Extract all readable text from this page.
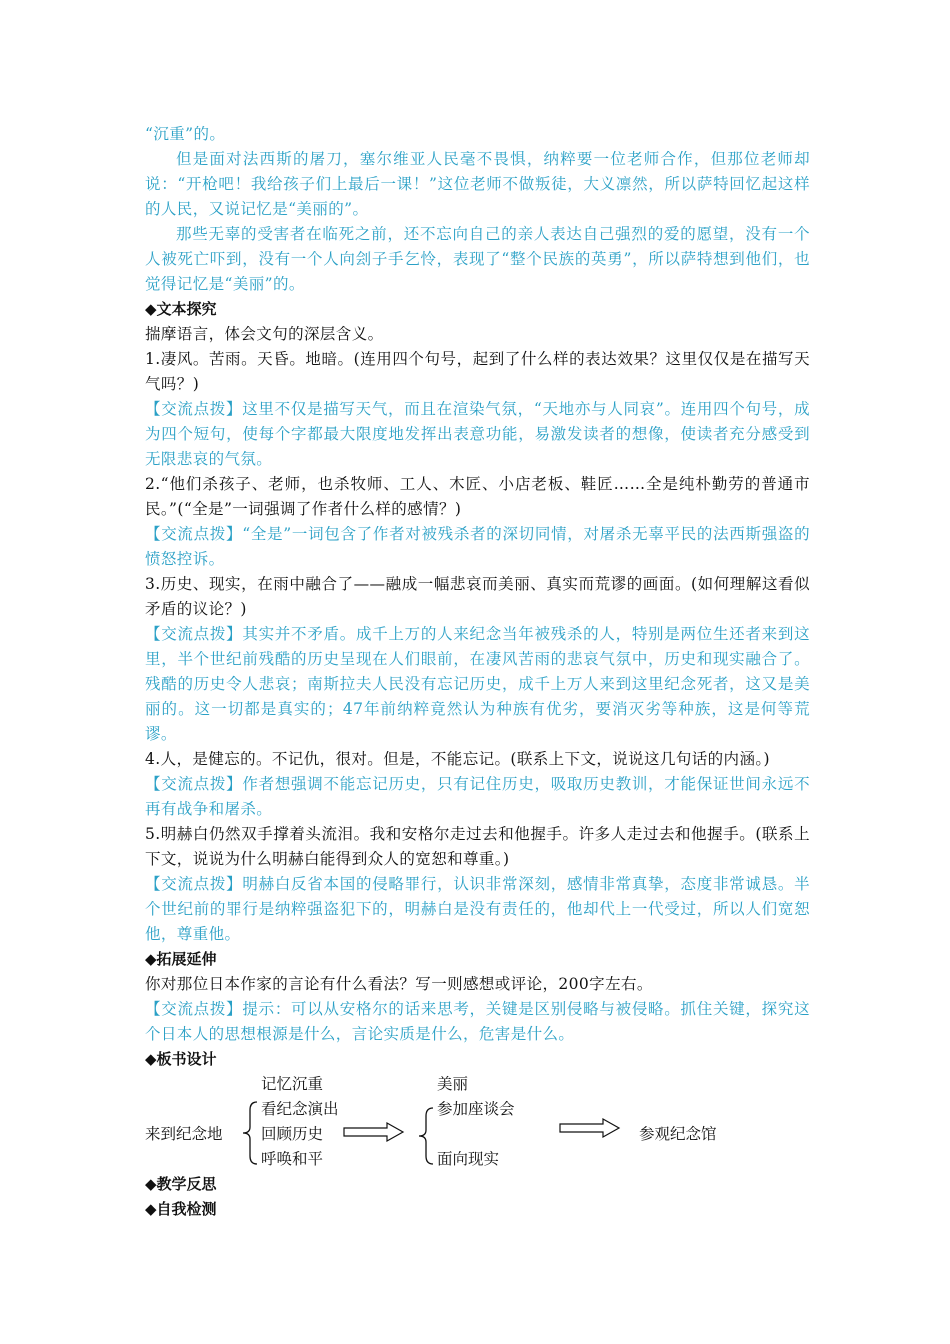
“沉重”的。
但是面对法西斯的屠刀，塞尔维亚人民毫不畏惧，纳粹要一位老师合作，但那位老师却说：“开枪吧！我给孩子们上最后一课！”这位老师不做叛徒，大义凛然，所以萨特回忆起这样的人民，又说记忆是“美丽的”。
那些无辜的受害者在临死之前，还不忘向自己的亲人表达自己强烈的爱的愿望，没有一个人被死亡吓到，没有一个人向刽子手乞怜，表现了“整个民族的英勇”，所以萨特想到他们，也觉得记忆是“美丽”的。
◆文本探究
揣摩语言，体会文句的深层含义。
1.凄风。苦雨。天昏。地暗。(连用四个句号，起到了什么样的表达效果？这里仅仅是在描写天气吗？)
【交流点拨】这里不仅是描写天气，而且在渲染气氛，“天地亦与人同哀”。连用四个句号，成为四个短句，使每个字都最大限度地发挥出表意功能，易激发读者的想像，使读者充分感受到无限悲哀的气氛。
2.“他们杀孩子、老师，也杀牧师、工人、木匠、小店老板、鞋匠……全是纯朴勤劳的普通市民。”(“全是”一词强调了作者什么样的感情？)
【交流点拨】“全是”一词包含了作者对被残杀者的深切同情，对屠杀无辜平民的法西斯强盗的愤怒控诉。
3.历史、现实，在雨中融合了——融成一幅悲哀而美丽、真实而荒谬的画面。(如何理解这看似矛盾的议论？)
【交流点拨】其实并不矛盾。成千上万的人来纪念当年被残杀的人，特别是两位生还者来到这里，半个世纪前残酷的历史呈现在人们眼前，在凄风苦雨的悲哀气氛中，历史和现实融合了。残酷的历史令人悲哀；南斯拉夫人民没有忘记历史，成千上万人来到这里纪念死者，这又是美丽的。这一切都是真实的；47年前纳粹竟然认为种族有优劣，要消灭劣等种族，这是何等荒谬。
4.人，是健忘的。不记仇，很对。但是，不能忘记。(联系上下文，说说这几句话的内涵。)
【交流点拨】作者想强调不能忘记历史，只有记住历史，吸取历史教训，才能保证世间永远不再有战争和屠杀。
5.明赫白仍然双手撑着头流泪。我和安格尔走过去和他握手。许多人走过去和他握手。(联系上下文，说说为什么明赫白能得到众人的宽恕和尊重。)
【交流点拨】明赫白反省本国的侵略罪行，认识非常深刻，感情非常真挚，态度非常诚恳。半个世纪前的罪行是纳粹强盗犯下的，明赫白是没有责任的，他却代上一代受过，所以人们宽恕他，尊重他。
◆拓展延伸
你对那位日本作家的言论有什么看法？写一则感想或评论，200字左右。
【交流点拨】提示：可以从安格尔的话来思考，关键是区别侵略与被侵略。抓住关键，探究这个日本人的思想根源是什么，言论实质是什么，危害是什么。
◆板书设计
记忆沉重
看纪念演出
来到纪念地 回顾历史
呼唤和平
美丽
参加座谈会
面向现实
参观纪念馆
◆教学反思
◆自我检测
